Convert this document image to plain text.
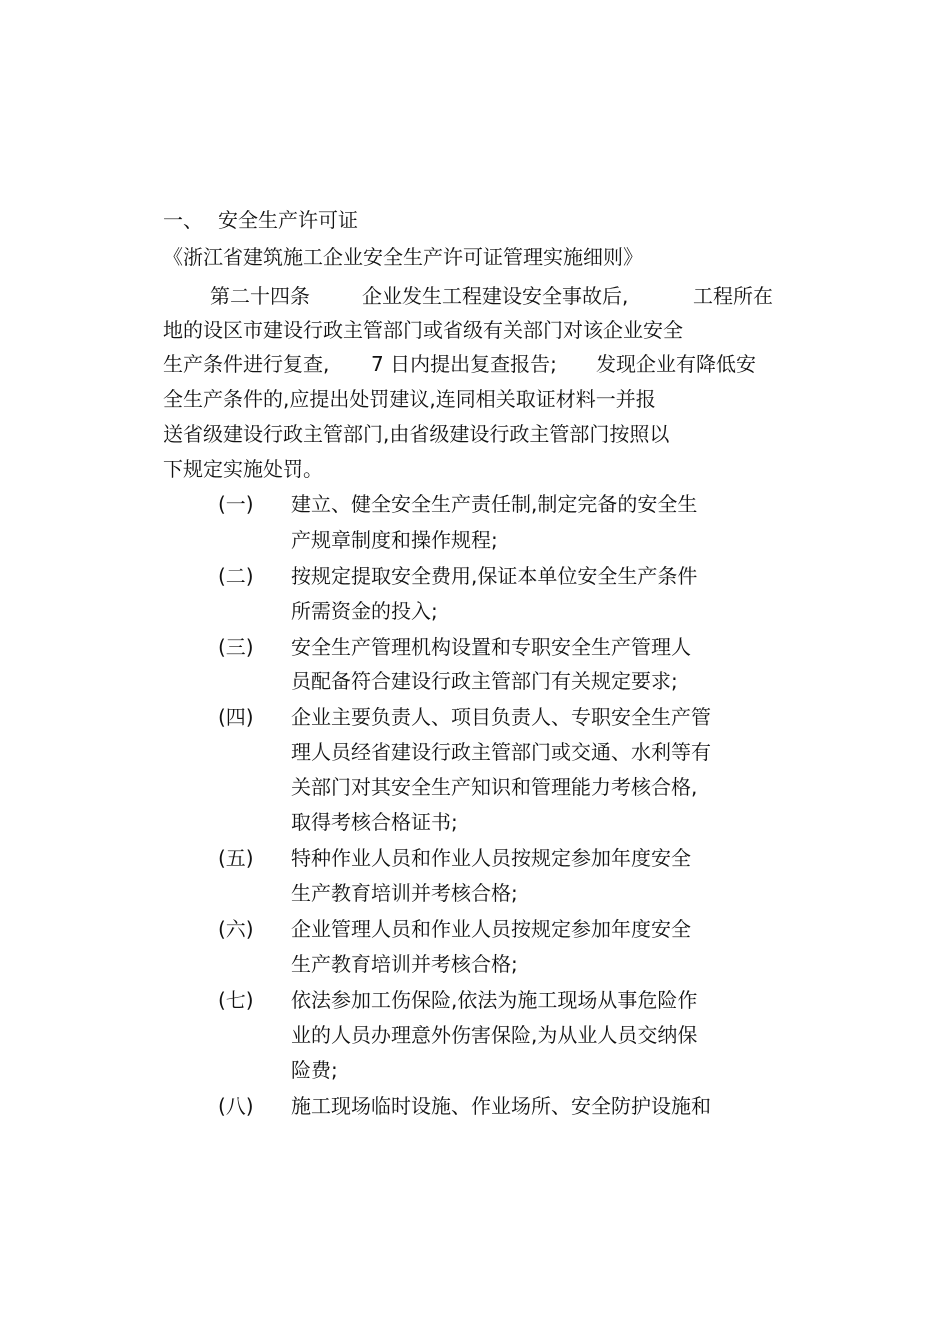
一、 安全生产许可证
《浙江省建筑施工企业安全生产许可证管理实施细则》
第二十四条	企业发生工程建设安全事故后,	工程所在
地的设区市建设行政主管部门或省级有关部门对该企业安全
生产条件进行复查, 7 日内提出复查报告; 发现企业有降低安
全生产条件的,应提出处罚建议,连同相关取证材料一并报
送省级建设行政主管部门,由省级建设行政主管部门按照以
下规定实施处罚。
(一) 建立、健全安全生产责任制,制定完备的安全生
产规章制度和操作规程;
(二) 按规定提取安全费用,保证本单位安全生产条件
所需资金的投入;
(三) 安全生产管理机构设置和专职安全生产管理人
员配备符合建设行政主管部门有关规定要求;
(四) 企业主要负责人、项目负责人、专职安全生产管
理人员经省建设行政主管部门或交通、水利等有
关部门对其安全生产知识和管理能力考核合格,
取得考核合格证书;
(五) 特种作业人员和作业人员按规定参加年度安全
生产教育培训并考核合格;
(六) 企业管理人员和作业人员按规定参加年度安全
生产教育培训并考核合格;
(七) 依法参加工伤保险,依法为施工现场从事危险作
业的人员办理意外伤害保险,为从业人员交纳保
险费;
(八) 施工现场临时设施、作业场所、安全防护设施和
